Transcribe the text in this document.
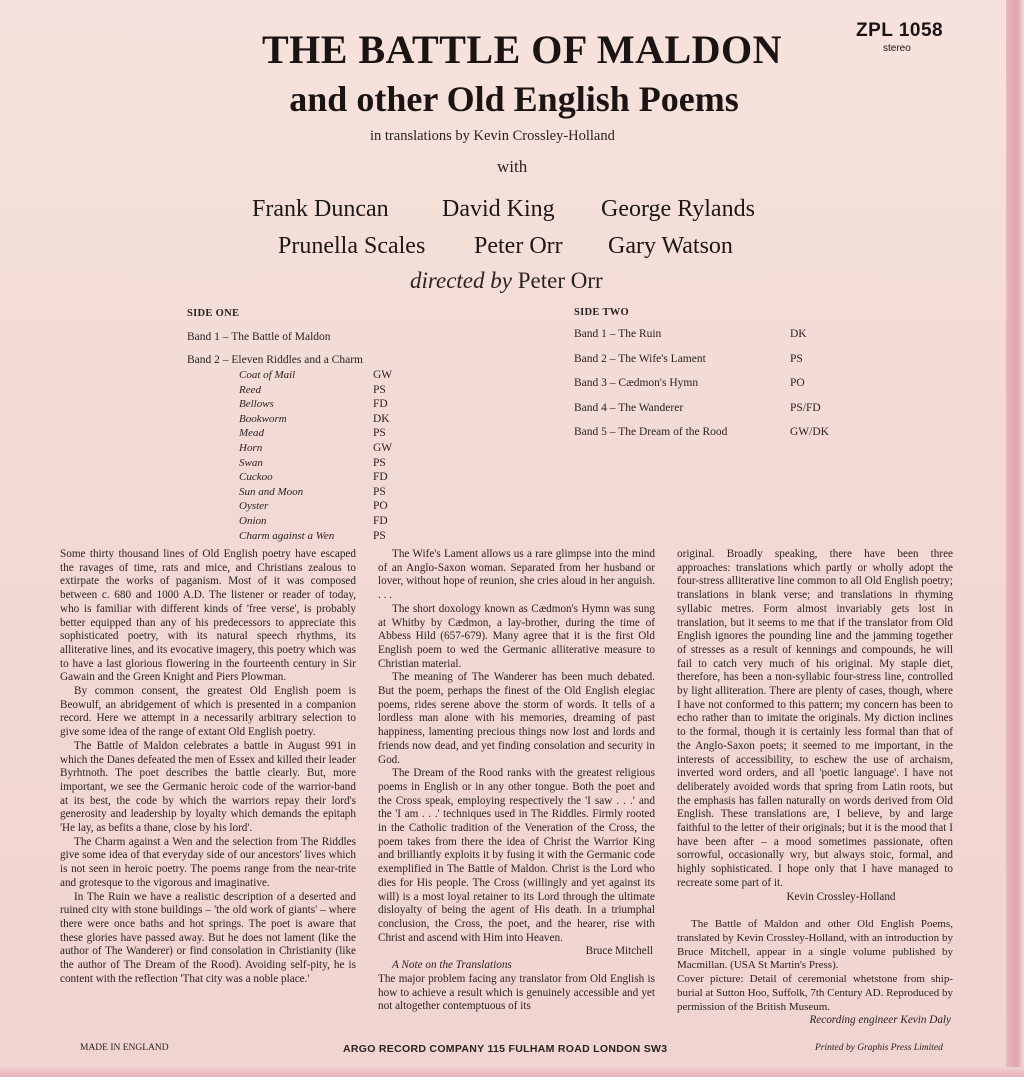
THE BATTLE OF MALDON
and other Old English Poems
ZPL 1058
stereo
in translations by Kevin Crossley-Holland
with
Frank Duncan David King George Rylands
Prunella Scales Peter Orr Gary Watson
directed by Peter Orr
SIDE ONE
Band 1 – The Battle of Maldon
Band 2 – Eleven Riddles and a Charm
Coat of Mail	GW
Reed	PS
Bellows	FD
Bookworm	DK
Mead	PS
Horn	GW
Swan	PS
Cuckoo	FD
Sun and Moon	PS
Oyster	PO
Onion	FD
Charm against a Wen	PS
SIDE TWO
Band 1 – The Ruin	DK
Band 2 – The Wife's Lament	PS
Band 3 – Cædmon's Hymn	PO
Band 4 – The Wanderer	PS/FD
Band 5 – The Dream of the Rood	GW/DK

Some thirty thousand lines of Old English poetry have escaped the ravages of time, rats and mice, and Christians zealous to extirpate the works of paganism. Most of it was composed between c. 680 and 1000 A.D. The listener or reader of today, who is familiar with different kinds of 'free verse', is probably better equipped than any of his predecessors to appreciate this sophisticated poetry, with its natural speech rhythms, its alliterative lines, and its evocative imagery, this poetry which was to have a last glorious flowering in the fourteenth century in Sir Gawain and the Green Knight and Piers Plowman.

By common consent, the greatest Old English poem is Beowulf, an abridgement of which is presented in a companion record. Here we attempt in a necessarily arbitrary selection to give some idea of the range of extant Old English poetry.

The Battle of Maldon celebrates a battle in August 991 in which the Danes defeated the men of Essex and killed their leader Byrhtnoth. The poet describes the battle clearly. But, more important, we see the Germanic heroic code of the warrior-band at its best, the code by which the warriors repay their lord's generosity and leadership by loyalty which demands the epitaph 'He lay, as befits a thane, close by his lord'.

The Charm against a Wen and the selection from The Riddles give some idea of that everyday side of our ancestors' lives which is not seen in heroic poetry. The poems range from the near-trite and grotesque to the vigorous and imaginative.

In The Ruin we have a realistic description of a deserted and ruined city with stone buildings – 'the old work of giants' – where there were once baths and hot springs. The poet is aware that these glories have passed away. But he does not lament (like the author of The Wanderer) or find consolation in Christianity (like the author of The Dream of the Rood). Avoiding self-pity, he is content with the reflection 'That city was a noble place.'

The Wife's Lament allows us a rare glimpse into the mind of an Anglo-Saxon woman. Separated from her husband or lover, without hope of reunion, she cries aloud in her anguish. . . .

The short doxology known as Cædmon's Hymn was sung at Whitby by Cædmon, a lay-brother, during the time of Abbess Hild (657-679). Many agree that it is the first Old English poem to wed the Germanic alliterative measure to Christian material.

The meaning of The Wanderer has been much debated. But the poem, perhaps the finest of the Old English elegiac poems, rides serene above the storm of words. It tells of a lordless man alone with his memories, dreaming of past happiness, lamenting precious things now lost and lords and friends now dead, and yet finding consolation and security in God.

The Dream of the Rood ranks with the greatest religious poems in English or in any other tongue. Both the poet and the Cross speak, employing respectively the 'I saw . . .' and the 'I am . . .' techniques used in The Riddles. Firmly rooted in the Catholic tradition of the Veneration of the Cross, the poem takes from there the idea of Christ the Warrior King and brilliantly exploits it by fusing it with the Germanic code exemplified in The Battle of Maldon. Christ is the Lord who dies for His people. The Cross (willingly and yet against its will) is a most loyal retainer to its Lord through the ultimate disloyalty of being the agent of His death. In a triumphal conclusion, the Cross, the poet, and the hearer, rise with Christ and ascend with Him into Heaven.

Bruce Mitchell

A Note on the Translations

The major problem facing any translator from Old English is how to achieve a result which is genuinely accessible and yet not altogether contemptuous of its

original. Broadly speaking, there have been three approaches: translations which partly or wholly adopt the four-stress alliterative line common to all Old English poetry; translations in blank verse; and translations in rhyming syllabic metres. Form almost invariably gets lost in translation, but it seems to me that if the translator from Old English ignores the pounding line and the jamming together of stresses as a result of kennings and compounds, he will fail to catch very much of his original. My staple diet, therefore, has been a non-syllabic four-stress line, controlled by light alliteration. There are plenty of cases, though, where I have not conformed to this pattern; my concern has been to echo rather than to imitate the originals. My diction inclines to the formal, though it is certainly less formal than that of the Anglo-Saxon poets; it seemed to me important, in the interests of accessibility, to eschew the use of archaism, inverted word orders, and all 'poetic language'. I have not deliberately avoided words that spring from Latin roots, but the emphasis has fallen naturally on words derived from Old English. These translations are, I believe, by and large faithful to the letter of their originals; but it is the mood that I have been after – a mood sometimes passionate, often sorrowful, occasionally wry, but always stoic, formal, and highly sophisticated. I hope only that I have managed to recreate some part of it.

Kevin Crossley-Holland

The Battle of Maldon and other Old English Poems, translated by Kevin Crossley-Holland, with an introduction by Bruce Mitchell, appear in a single volume published by Macmillan. (USA St Martin's Press).

Cover picture: Detail of ceremonial whetstone from ship-burial at Sutton Hoo, Suffolk, 7th Century AD. Reproduced by permission of the British Museum.

Recording engineer Kevin Daly

MADE IN ENGLAND	ARGO RECORD COMPANY 115 FULHAM ROAD LONDON SW3	Printed by Graphis Press Limited
